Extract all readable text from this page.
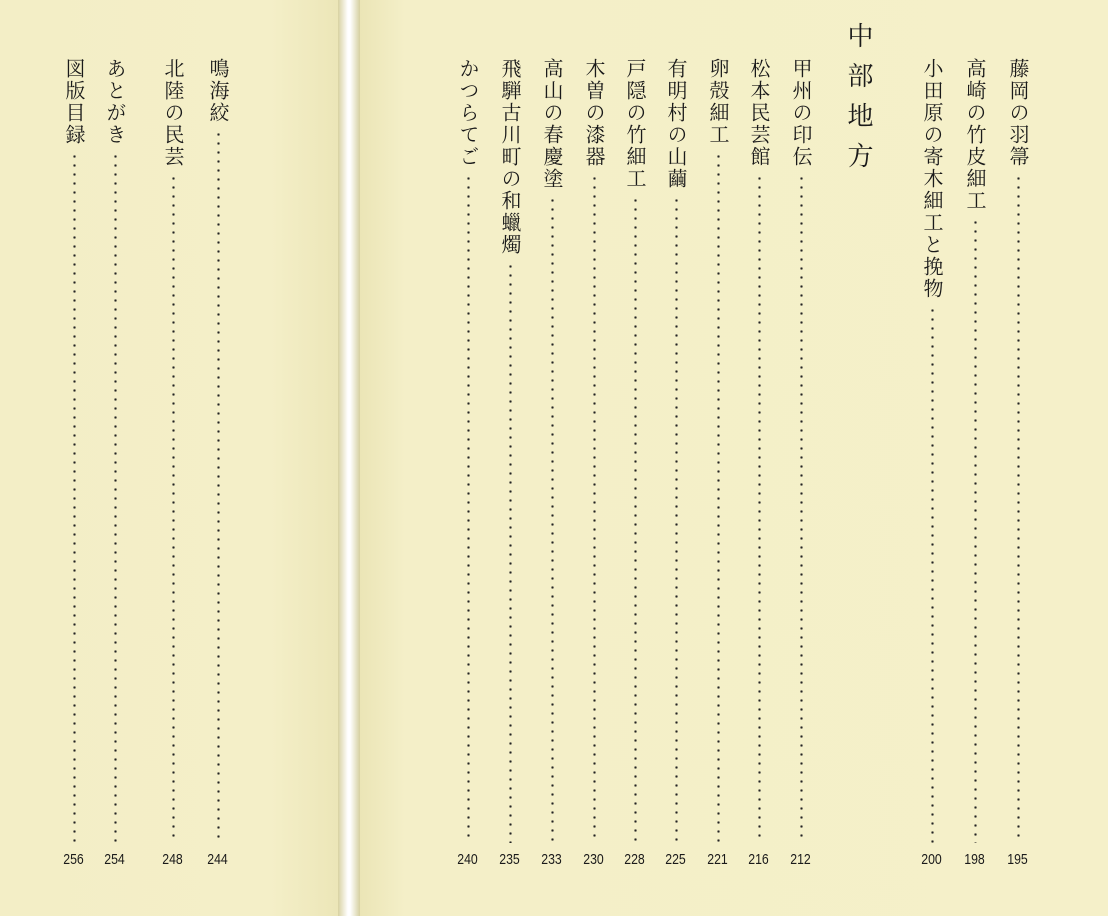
中部地方	藤岡の羽箒
195
高崎の竹皮細工
198
小田原の寄木細工と挽物
200
甲州の印伝
212
松本民芸館
216
卵殻細工
221
有明村の山繭
225
戸隠の竹細工
228
木曽の漆器
230
高山の春慶塗
233
飛騨古川町の和蠟燭
235
かつらてご
240
鳴海絞
244
北陸の民芸
248
あとがき
254
図版目録
256
